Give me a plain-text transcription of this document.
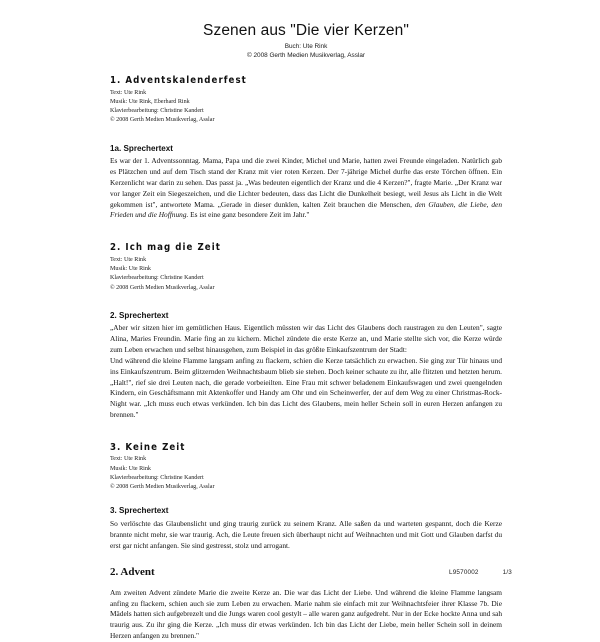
Szenen aus "Die vier Kerzen"
Buch: Ute Rink
© 2008 Gerth Medien Musikverlag, Asslar
1. Adventskalenderfest
Text: Ute Rink
Musik: Ute Rink, Eberhard Rink
Klavierbearbeitung: Christine Kandert
© 2008 Gerth Medien Musikverlag, Asslar
1a. Sprechertext

Es war der 1. Adventssonntag. Mama, Papa und die zwei Kinder, Michel und Marie, hatten zwei Freunde eingeladen. Natürlich gab es Plätzchen und auf dem Tisch stand der Kranz mit vier roten Kerzen. Der 7-jährige Michel durfte das erste Törchen öffnen. Ein Kerzenlicht war darin zu sehen. Das passt ja. „Was bedeuten eigentlich der Kranz und die 4 Kerzen?", fragte Marie. „Der Kranz war vor langer Zeit ein Siegeszeichen, und die Lichter bedeuten, dass das Licht die Dunkelheit besiegt, weil Jesus als Licht in die Welt gekommen ist", antwortete Mama. „Gerade in dieser dunklen, kalten Zeit brauchen die Menschen, den Glauben, die Liebe, den Frieden und die Hoffnung. Es ist eine ganz besondere Zeit im Jahr."

2. Ich mag die Zeit
Text: Ute Rink
Musik: Ute Rink
Klavierbearbeitung: Christine Kandert
© 2008 Gerth Medien Musikverlag, Asslar
2. Sprechertext

„Aber wir sitzen hier im gemütlichen Haus. Eigentlich müssten wir das Licht des Glaubens doch raustragen zu den Leuten", sagte Alina, Maries Freundin. Marie fing an zu kichern. Michel zündete die erste Kerze an, und Marie stellte sich vor, die Kerze würde zum Leben erwachen und selbst hinausgehen, zum Beispiel in das größte Einkaufszentrum der Stadt:

Und während die kleine Flamme langsam anfing zu flackern, schien die Kerze tatsächlich zu erwachen. Sie ging zur Tür hinaus und ins Einkaufszentrum. Beim glitzernden Weihnachtsbaum blieb sie stehen. Doch keiner schaute zu ihr, alle flitzten und hetzten herum. „Halt!", rief sie drei Leuten nach, die gerade vorbeieilten. Eine Frau mit schwer beladenem Einkaufswagen und zwei quengelnden Kindern, ein Geschäftsmann mit Aktenkoffer und Handy am Ohr und ein Scheinwerfer, der auf dem Weg zu einer Christmas-Rock-Night war. „Ich muss euch etwas verkünden. Ich bin das Licht des Glaubens, mein heller Schein soll in euren Herzen anfangen zu brennen."

3. Keine Zeit
Text: Ute Rink
Musik: Ute Rink
Klavierbearbeitung: Christine Kandert
© 2008 Gerth Medien Musikverlag, Asslar
3. Sprechertext

So verlöschte das Glaubenslicht und ging traurig zurück zu seinem Kranz. Alle saßen da und warteten gespannt, doch die Kerze brannte nicht mehr, sie war traurig. Ach, die Leute freuen sich überhaupt nicht auf Weihnachten und mit Gott und Glauben darfst du erst gar nicht anfangen. Sie sind gestresst, stolz und arrogant.

2. Advent

Am zweiten Advent zündete Marie die zweite Kerze an. Die war das Licht der Liebe. Und während die kleine Flamme langsam anfing zu flackern, schien auch sie zum Leben zu erwachen. Marie nahm sie einfach mit zur Weihnachtsfeier ihrer Klasse 7b. Die Mädels hatten sich aufgebrezelt und die Jungs waren cool gestylt – alle waren ganz aufgedreht. Nur in der Ecke hockte Anna und sah traurig aus. Zu ihr ging die Kerze. „Ich muss dir etwas verkünden. Ich bin das Licht der Liebe, mein heller Schein soll in deinem Herzen anfangen zu brennen."

L9570002	1/3
